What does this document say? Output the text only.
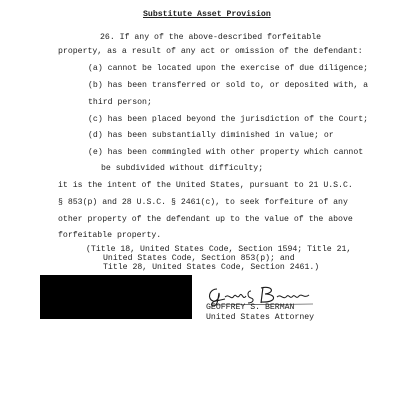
Substitute Asset Provision
26. If any of the above-described forfeitable
property, as a result of any act or omission of the defendant:
(a) cannot be located upon the exercise of due diligence;
(b) has been transferred or sold to, or deposited with, a
third person;
(c) has been placed beyond the jurisdiction of the Court;
(d) has been substantially diminished in value; or
(e) has been commingled with other property which cannot
be subdivided without difficulty;
it is the intent of the United States, pursuant to 21 U.S.C.
§ 853(p) and 28 U.S.C. § 2461(c), to seek forfeiture of any
other property of the defendant up to the value of the above
forfeitable property.
(Title 18, United States Code, Section 1594; Title 21,
United States Code, Section 853(p); and
Title 28, United States Code, Section 2461.)
GEOFFREY S. BERMAN
United States Attorney
